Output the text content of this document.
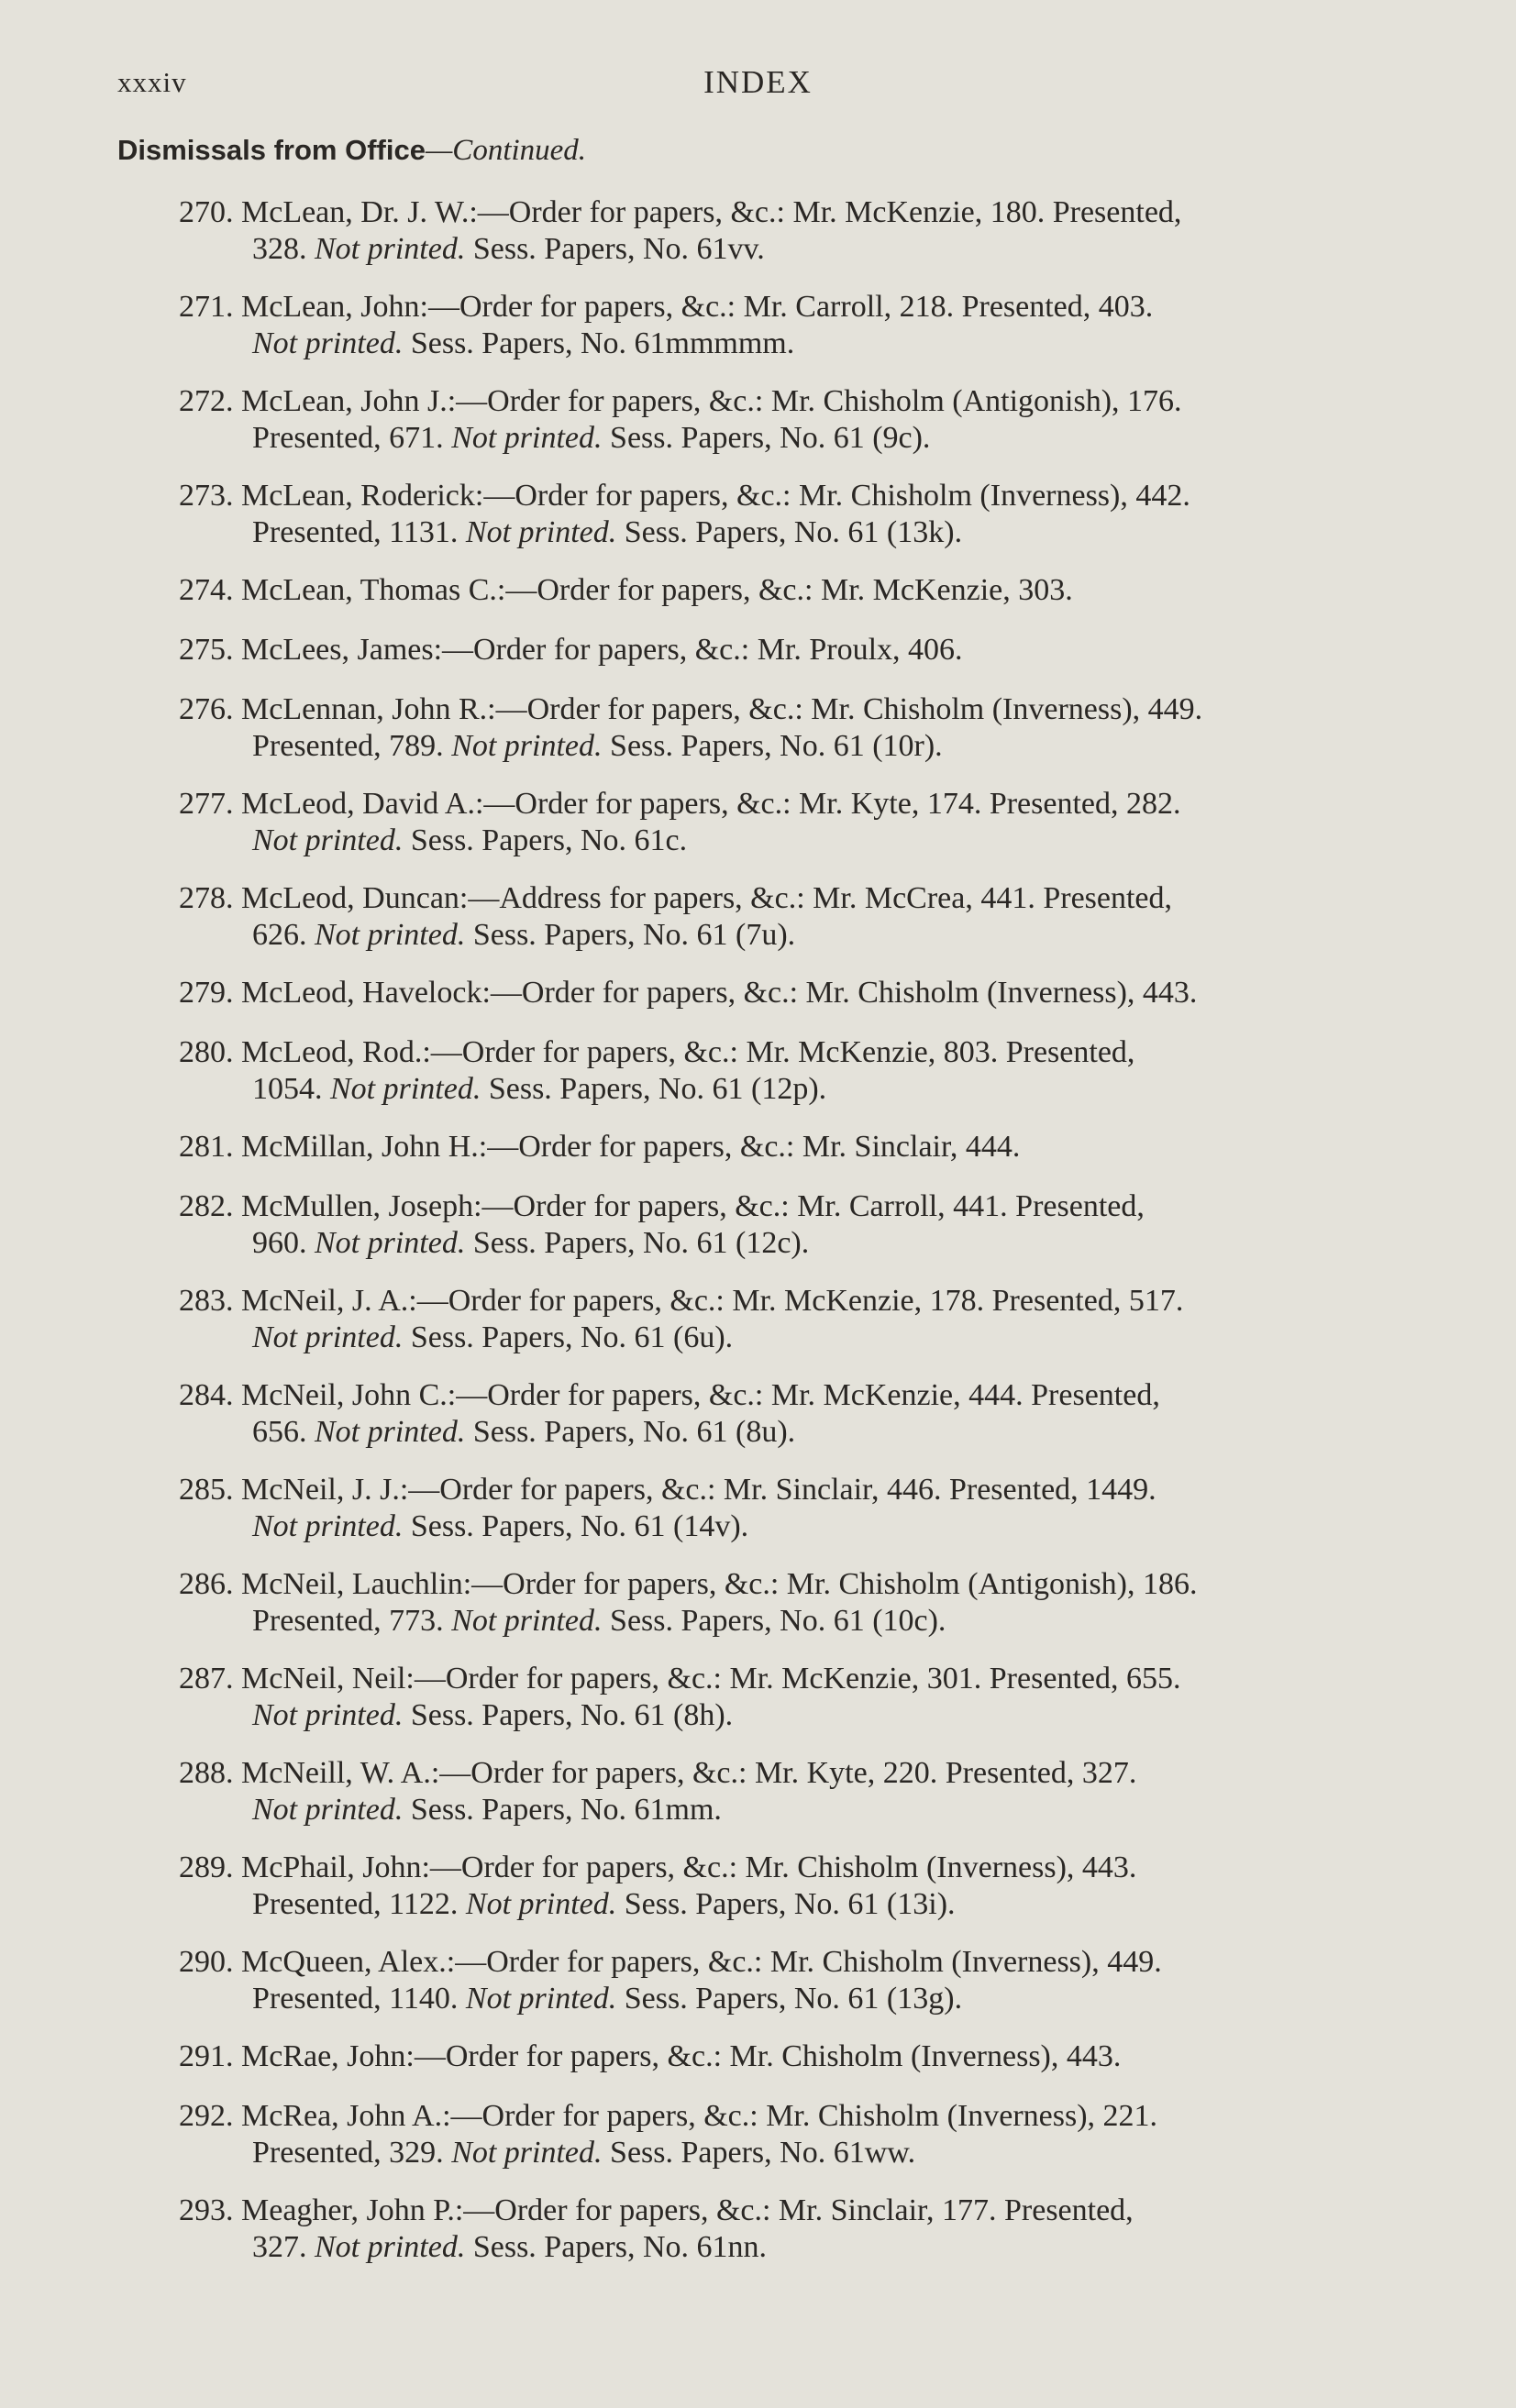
xxxiv	INDEX
Dismissals from Office—Continued.
270. McLean, Dr. J. W.:—Order for papers, &c.: Mr. McKenzie, 180. Presented,
328. Not printed. Sess. Papers, No. 61vv.
271. McLean, John:—Order for papers, &c.: Mr. Carroll, 218. Presented, 403.
Not printed. Sess. Papers, No. 61mmmmm.
272. McLean, John J.:—Order for papers, &c.: Mr. Chisholm (Antigonish), 176.
Presented, 671. Not printed. Sess. Papers, No. 61 (9c).
273. McLean, Roderick:—Order for papers, &c.: Mr. Chisholm (Inverness), 442.
Presented, 1131. Not printed. Sess. Papers, No. 61 (13k).
274. McLean, Thomas C.:—Order for papers, &c.: Mr. McKenzie, 303.
275. McLees, James:—Order for papers, &c.: Mr. Proulx, 406.
276. McLennan, John R.:—Order for papers, &c.: Mr. Chisholm (Inverness), 449.
Presented, 789. Not printed. Sess. Papers, No. 61 (10r).
277. McLeod, David A.:—Order for papers, &c.: Mr. Kyte, 174. Presented, 282.
Not printed. Sess. Papers, No. 61c.
278. McLeod, Duncan:—Address for papers, &c.: Mr. McCrea, 441. Presented,
626. Not printed. Sess. Papers, No. 61 (7u).
279. McLeod, Havelock:—Order for papers, &c.: Mr. Chisholm (Inverness), 443.
280. McLeod, Rod.:—Order for papers, &c.: Mr. McKenzie, 803. Presented,
1054. Not printed. Sess. Papers, No. 61 (12p).
281. McMillan, John H.:—Order for papers, &c.: Mr. Sinclair, 444.
282. McMullen, Joseph:—Order for papers, &c.: Mr. Carroll, 441. Presented,
960. Not printed. Sess. Papers, No. 61 (12c).
283. McNeil, J. A.:—Order for papers, &c.: Mr. McKenzie, 178. Presented, 517.
Not printed. Sess. Papers, No. 61 (6u).
284. McNeil, John C.:—Order for papers, &c.: Mr. McKenzie, 444. Presented,
656. Not printed. Sess. Papers, No. 61 (8u).
285. McNeil, J. J.:—Order for papers, &c.: Mr. Sinclair, 446. Presented, 1449.
Not printed. Sess. Papers, No. 61 (14v).
286. McNeil, Lauchlin:—Order for papers, &c.: Mr. Chisholm (Antigonish), 186.
Presented, 773. Not printed. Sess. Papers, No. 61 (10c).
287. McNeil, Neil:—Order for papers, &c.: Mr. McKenzie, 301. Presented, 655.
Not printed. Sess. Papers, No. 61 (8h).
288. McNeill, W. A.:—Order for papers, &c.: Mr. Kyte, 220. Presented, 327.
Not printed. Sess. Papers, No. 61mm.
289. McPhail, John:—Order for papers, &c.: Mr. Chisholm (Inverness), 443.
Presented, 1122. Not printed. Sess. Papers, No. 61 (13i).
290. McQueen, Alex.:—Order for papers, &c.: Mr. Chisholm (Inverness), 449.
Presented, 1140. Not printed. Sess. Papers, No. 61 (13g).
291. McRae, John:—Order for papers, &c.: Mr. Chisholm (Inverness), 443.
292. McRea, John A.:—Order for papers, &c.: Mr. Chisholm (Inverness), 221.
Presented, 329. Not printed. Sess. Papers, No. 61ww.
293. Meagher, John P.:—Order for papers, &c.: Mr. Sinclair, 177. Presented,
327. Not printed. Sess. Papers, No. 61nn.
